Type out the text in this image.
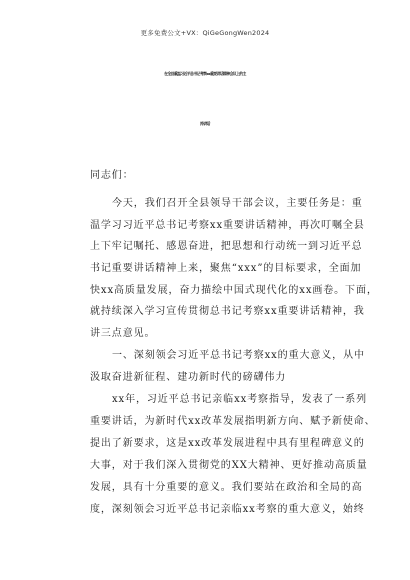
更多免费公文+VX：QiGeGongWen2024
在全县重温习近平总书记考察xx重要讲话精神会议上的主
持讲话
同志们：
今天，我们召开全县领导干部会议，主要任务是：重
温学习习近平总书记考察xx重要讲话精神，再次叮嘱全县
上下牢记嘱托、感恩奋进，把思想和行动统一到习近平总
书记重要讲话精神上来，聚焦“xxx”的目标要求，全面加
快xx高质量发展，奋力描绘中国式现代化的xx画卷。下面，
就持续深入学习宣传贯彻总书记考察xx重要讲话精神，我
讲三点意见。
一、深刻领会习近平总书记考察xx的重大意义，从中
汲取奋进新征程、建功新时代的磅礴伟力
xx年，习近平总书记亲临xx考察指导，发表了一系列
重要讲话，为新时代xx改革发展指明新方向、赋予新使命、
提出了新要求，这是xx改革发展进程中具有里程碑意义的
大事，对于我们深入贯彻党的XX大精神、更好推动高质量
发展，具有十分重要的意义。我们要站在政治和全局的高
度，深刻领会习近平总书记亲临xx考察的重大意义，始终
